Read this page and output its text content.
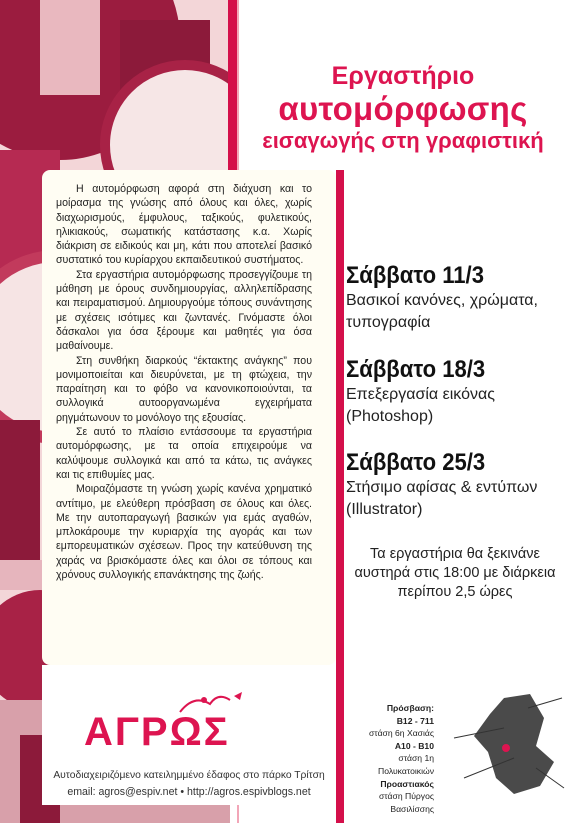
Εργαστήριο
αυτομόρφωσης
εισαγωγής στη γραφιστική

Η αυτομόρφωση αφορά στη διάχυση και το μοίρασμα της γνώσης από όλους και όλες, χωρίς διαχωρισμούς, έμφυλους, ταξικούς, φυλετικούς, ηλικιακούς, σωματικής κατάστασης κ.α. Χωρίς διάκριση σε ειδικούς και μη, κάτι που αποτελεί βασικό συστατικό του κυρίαρχου εκπαιδευτικού συστήματος.

Στα εργαστήρια αυτομόρφωσης προσεγγίζουμε τη μάθηση με όρους συνδημιουργίας, αλληλεπίδρασης και πειραματισμού. Δημιουργούμε τόπους συνάντησης με σχέσεις ισότιμες και ζωντανές. Γινόμαστε όλοι δάσκαλοι για όσα ξέρουμε και μαθητές για όσα μαθαίνουμε.

Στη συνθήκη διαρκούς “έκτακτης ανάγκης” που μονιμοποιείται και διευρύνεται, με τη φτώχεια, την παραίτηση και το φόβο να κανονικοποιούνται, τα συλλογικά αυτοοργανωμένα εγχειρήματα ρηγμάτωνουν το μονόλογο της εξουσίας.

Σε αυτό το πλαίσιο εντάσσουμε τα εργαστήρια αυτομόρφωσης, με τα οποία επιχειρούμε να καλύψουμε συλλογικά και από τα κάτω, τις ανάγκες και τις επιθυμίες μας.

Μοιραζόμαστε τη γνώση χωρίς κανένα χρηματικό αντίτιμο, με ελεύθερη πρόσβαση σε όλους και όλες. Με την αυτοπαραγωγή βασικών για εμάς αγαθών, μπλοκάρουμε την κυριαρχία της αγοράς και των εμπορευματικών σχέσεων. Προς την κατεύθυνση της χαράς να βρισκόμαστε όλες και όλοι σε τόπους και χρόνους συλλογικής επανάκτησης της ζωής.

Σάββατο 11/3
Βασικοί κανόνες, χρώματα, τυπογραφία
Σάββατο 18/3
Επεξεργασία εικόνας (Photoshop)
Σάββατο 25/3
Στήσιμο αφίσας & εντύπων (Illustrator)
Τα εργαστήρια θα ξεκινάνε αυστηρά στις 18:00 με διάρκεια περίπου 2,5 ώρες
ΑΓΡΩΣ
Αυτοδιαχειριζόμενο κατειλημμένο έδαφος στο πάρκο Τρίτση
email: agros@espiv.net • http://agros.espivblogs.net
Πρόσβαση:
B12 - 711
στάση 6η Χασιάς
A10 - B10
στάση 1η Πολυκατοικιών
Προαστιακός
στάση Πύργος Βασιλίσσης
